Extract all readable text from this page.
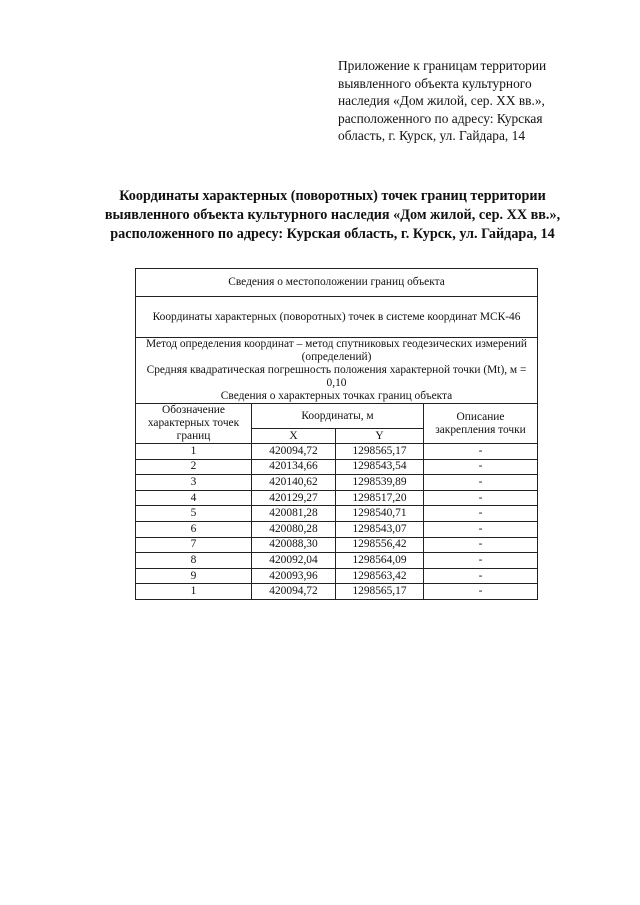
Приложение к границам территории
выявленного объекта культурного
наследия «Дом жилой, сер. XX вв.»,
расположенного по адресу: Курская
область, г. Курск, ул. Гайдара, 14
Координаты характерных (поворотных) точек границ территории
выявленного объекта культурного наследия «Дом жилой, сер. XX вв.»,
расположенного по адресу: Курская область, г. Курск, ул. Гайдара, 14
Сведения о местоположении границ объекта			
Координаты характерных (поворотных) точек в системе координат МСК-46			

Метод определения координат – метод спутниковых геодезических измерений (определений)
Средняя квадратическая погрешность положения характерной точки (Mt), м = 0,10
Сведения о характерных точках границ объекта			

Обозначение характерных точек границ	Координаты, м		Описание закрепления точки
	X	Y	
1	420094,72	1298565,17	-
2	420134,66	1298543,54	-
3	420140,62	1298539,89	-
4	420129,27	1298517,20	-
5	420081,28	1298540,71	-
6	420080,28	1298543,07	-
7	420088,30	1298556,42	-
8	420092,04	1298564,09	-
9	420093,96	1298563,42	-
1	420094,72	1298565,17	-
